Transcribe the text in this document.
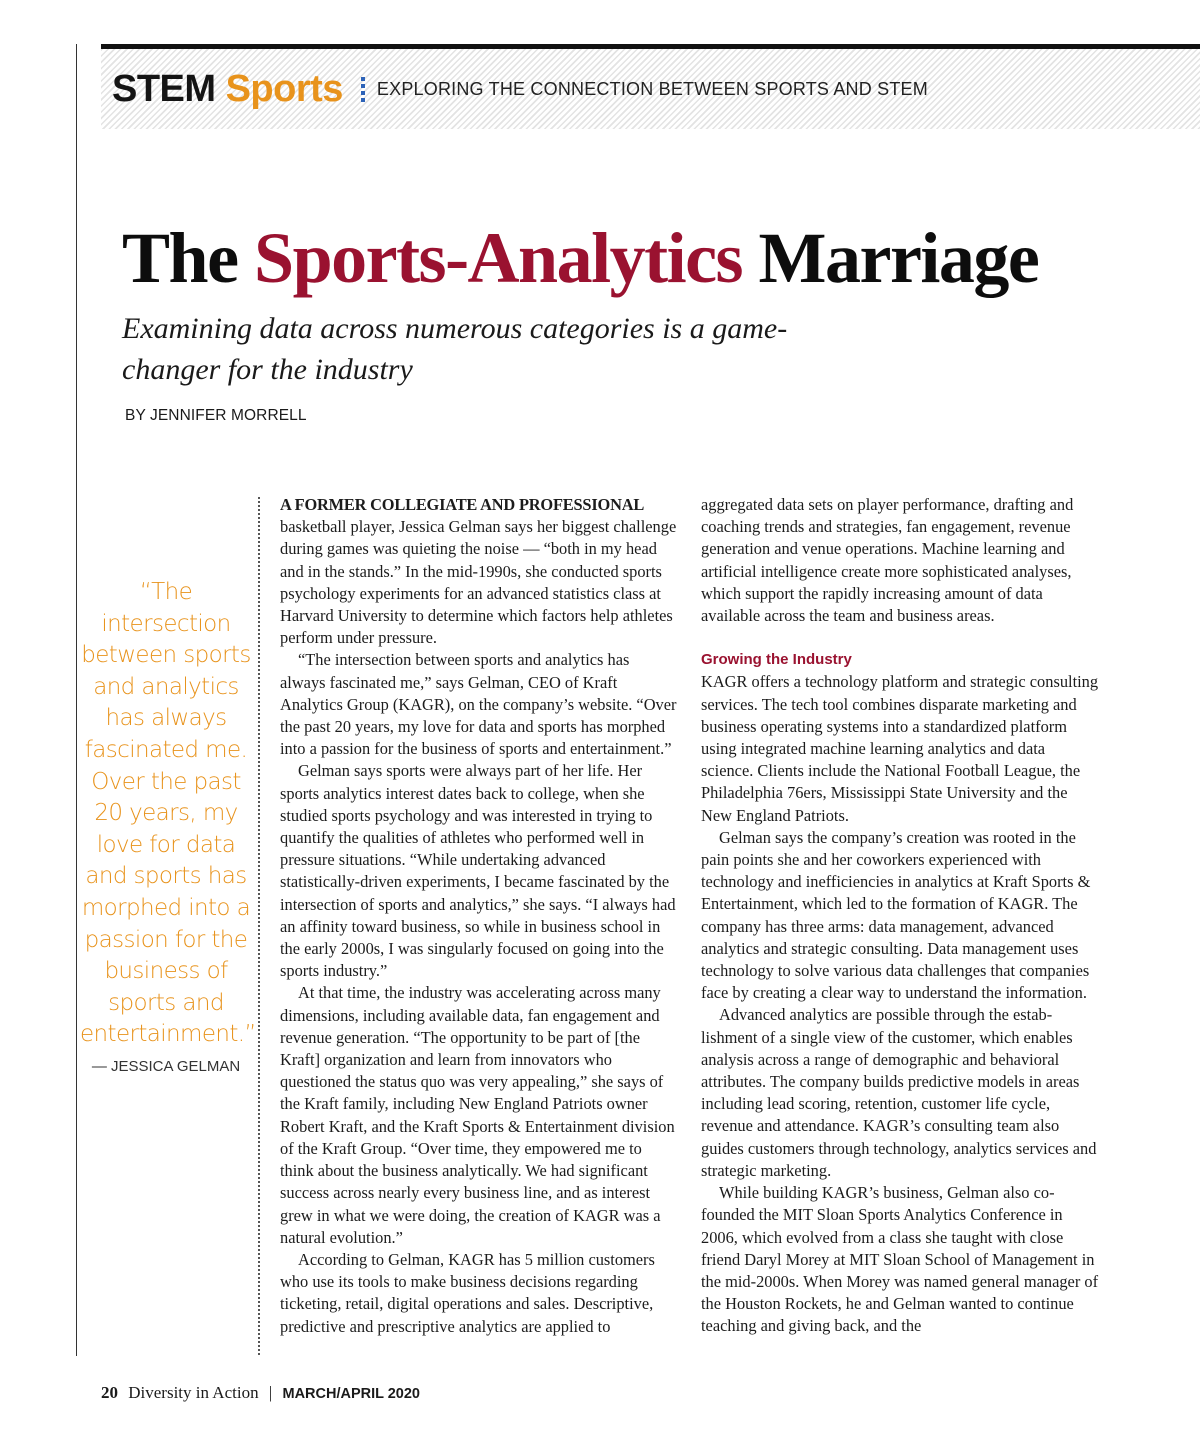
STEM Sports EXPLORING THE CONNECTION BETWEEN SPORTS AND STEM
The Sports-Analytics Marriage

Examining data across numerous categories is a game-changer for the industry

BY JENNIFER MORRELL
“The intersection between sports and analytics has always fascinated me. Over the past 20 years, my love for data and sports has morphed into a passion for the business of sports and entertainment.”
— JESSICA GELMAN

A FORMER COLLEGIATE AND PROFESSIONAL
basketball player, Jessica Gelman says her biggest challenge during games was quieting the noise — “both in my head and in the stands.” In the mid-1990s, she conducted sports psychology experiments for an advanced statistics class at Harvard University to determine which factors help athletes perform under pressure.

“The intersection between sports and analytics has always fascinated me,” says Gelman, CEO of Kraft Analytics Group (KAGR), on the company’s website. “Over the past 20 years, my love for data and sports has morphed into a passion for the business of sports and entertainment.”

Gelman says sports were always part of her life. Her sports analytics interest dates back to college, when she studied sports psychology and was interested in trying to quantify the qualities of athletes who performed well in pressure situations. “While undertaking advanced statistically-driven experiments, I became fascinated by the intersection of sports and analytics,” she says. “I always had an affinity toward business, so while in business school in the early 2000s, I was singularly focused on going into the sports industry.”

At that time, the industry was accelerating across many dimensions, including available data, fan engagement and revenue generation. “The opportunity to be part of [the Kraft] organization and learn from innovators who questioned the status quo was very appealing,” she says of the Kraft family, including New England Patriots owner Robert Kraft, and the Kraft Sports & Entertainment division of the Kraft Group. “Over time, they empowered me to think about the business analytically. We had significant success across nearly every business line, and as interest grew in what we were doing, the creation of KAGR was a natural evolution.”

According to Gelman, KAGR has 5 million customers who use its tools to make business decisions regarding ticketing, retail, digital operations and sales. Descriptive, predictive and prescriptive analytics are applied to

aggregated data sets on player performance, drafting and coaching trends and strategies, fan engagement, revenue generation and venue operations. Machine learning and artificial intelligence create more sophisticated analyses, which support the rapidly increasing amount of data available across the team and business areas.

Growing the Industry

KAGR offers a technology platform and strategic consulting services. The tech tool combines disparate marketing and business operating systems into a standardized platform using integrated machine learning analytics and data science. Clients include the National Football League, the Philadelphia 76ers, Mississippi State University and the New England Patriots.

Gelman says the company’s creation was rooted in the pain points she and her coworkers experienced with technology and inefficiencies in analytics at Kraft Sports & Entertainment, which led to the formation of KAGR. The company has three arms: data management, advanced analytics and strategic consulting. Data management uses technology to solve various data challenges that companies face by creating a clear way to understand the information.

Advanced analytics are possible through the establishment of a single view of the customer, which enables analysis across a range of demographic and behavioral attributes. The company builds predictive models in areas including lead scoring, retention, customer life cycle, revenue and attendance. KAGR’s consulting team also guides customers through technology, analytics services and strategic marketing.

While building KAGR’s business, Gelman also cofounded the MIT Sloan Sports Analytics Conference in 2006, which evolved from a class she taught with close friend Daryl Morey at MIT Sloan School of Management in the mid-2000s. When Morey was named general manager of the Houston Rockets, he and Gelman wanted to continue teaching and giving back, and the

20 Diversity in Action | MARCH/APRIL 2020
